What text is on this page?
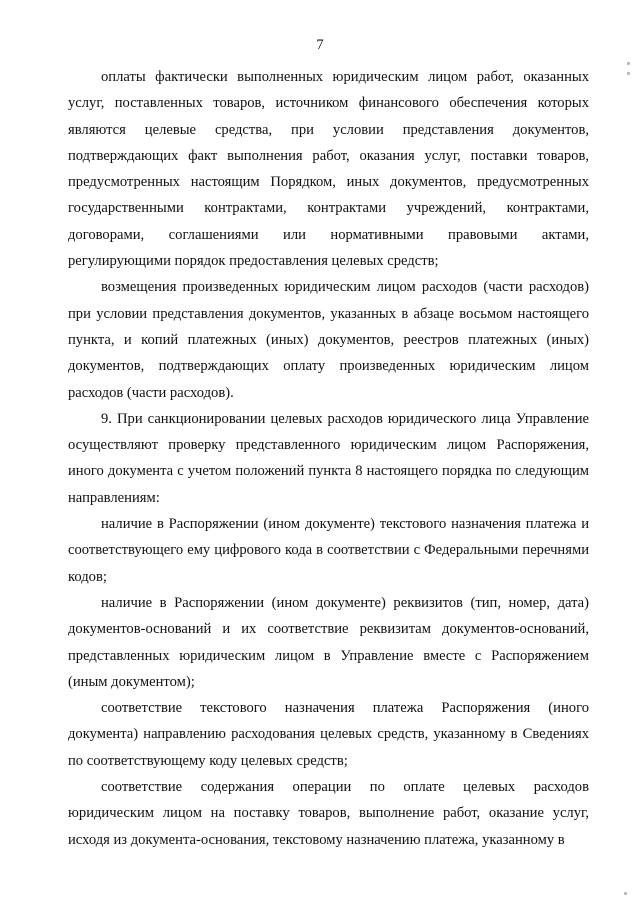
7

оплаты фактически выполненных юридическим лицом работ, оказанных услуг, поставленных товаров, источником финансового обеспечения которых являются целевые средства, при условии представления документов, подтверждающих факт выполнения работ, оказания услуг, поставки товаров, предусмотренных настоящим Порядком, иных документов, предусмотренных государственными контрактами, контрактами учреждений, контрактами, договорами, соглашениями или нормативными правовыми актами, регулирующими порядок предоставления целевых средств;

возмещения произведенных юридическим лицом расходов (части расходов) при условии представления документов, указанных в абзаце восьмом настоящего пункта, и копий платежных (иных) документов, реестров платежных (иных) документов, подтверждающих оплату произведенных юридическим лицом расходов (части расходов).

9. При санкционировании целевых расходов юридического лица Управление осуществляют проверку представленного юридическим лицом Распоряжения, иного документа с учетом положений пункта 8 настоящего порядка по следующим направлениям:

наличие в Распоряжении (ином документе) текстового назначения платежа и соответствующего ему цифрового кода в соответствии с Федеральными перечнями кодов;

наличие в Распоряжении (ином документе) реквизитов (тип, номер, дата) документов-оснований и их соответствие реквизитам документов-оснований, представленных юридическим лицом в Управление вместе с Распоряжением (иным документом);

соответствие текстового назначения платежа Распоряжения (иного документа) направлению расходования целевых средств, указанному в Сведениях по соответствующему коду целевых средств;

соответствие содержания операции по оплате целевых расходов юридическим лицом на поставку товаров, выполнение работ, оказание услуг, исходя из документа-основания, текстовому назначению платежа, указанному в
